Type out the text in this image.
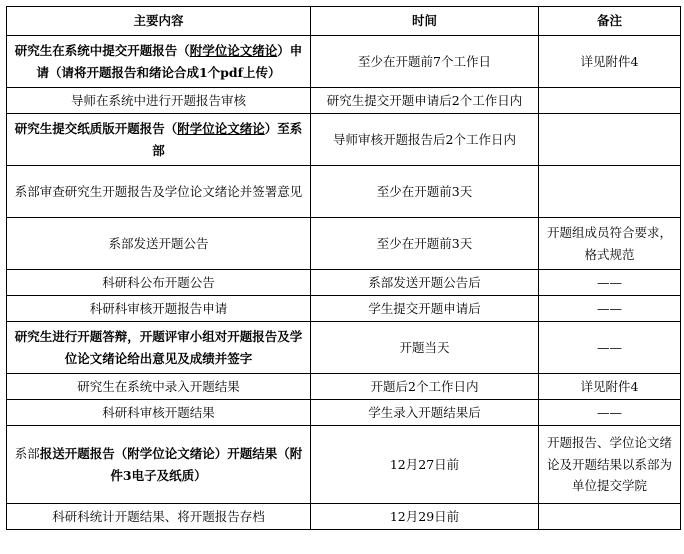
主要内容	时间	备注
研究生在系统中提交开题报告（附学位论文绪论）申请（请将开题报告和绪论合成1个pdf上传）	至少在开题前7个工作日	详见附件4
导师在系统中进行开题报告审核	研究生提交开题申请后2个工作日内	
研究生提交纸质版开题报告（附学位论文绪论）至系部	导师审核开题报告后2个工作日内	
系部审查研究生开题报告及学位论文绪论并签署意见	至少在开题前3天	
系部发送开题公告	至少在开题前3天	开题组成员符合要求，格式规范
科研科公布开题公告	系部发送开题公告后	——
科研科审核开题报告申请	学生提交开题申请后	——
研究生进行开题答辩，开题评审小组对开题报告及学位论文绪论给出意见及成绩并签字	开题当天	——
研究生在系统中录入开题结果	开题后2个工作日内	详见附件4
科研科审核开题结果	学生录入开题结果后	——
系部报送开题报告（附学位论文绪论）开题结果（附件3电子及纸质）	12月27日前	开题报告、学位论文绪论及开题结果以系部为单位提交学院
科研科统计开题结果、将开题报告存档	12月29日前	
